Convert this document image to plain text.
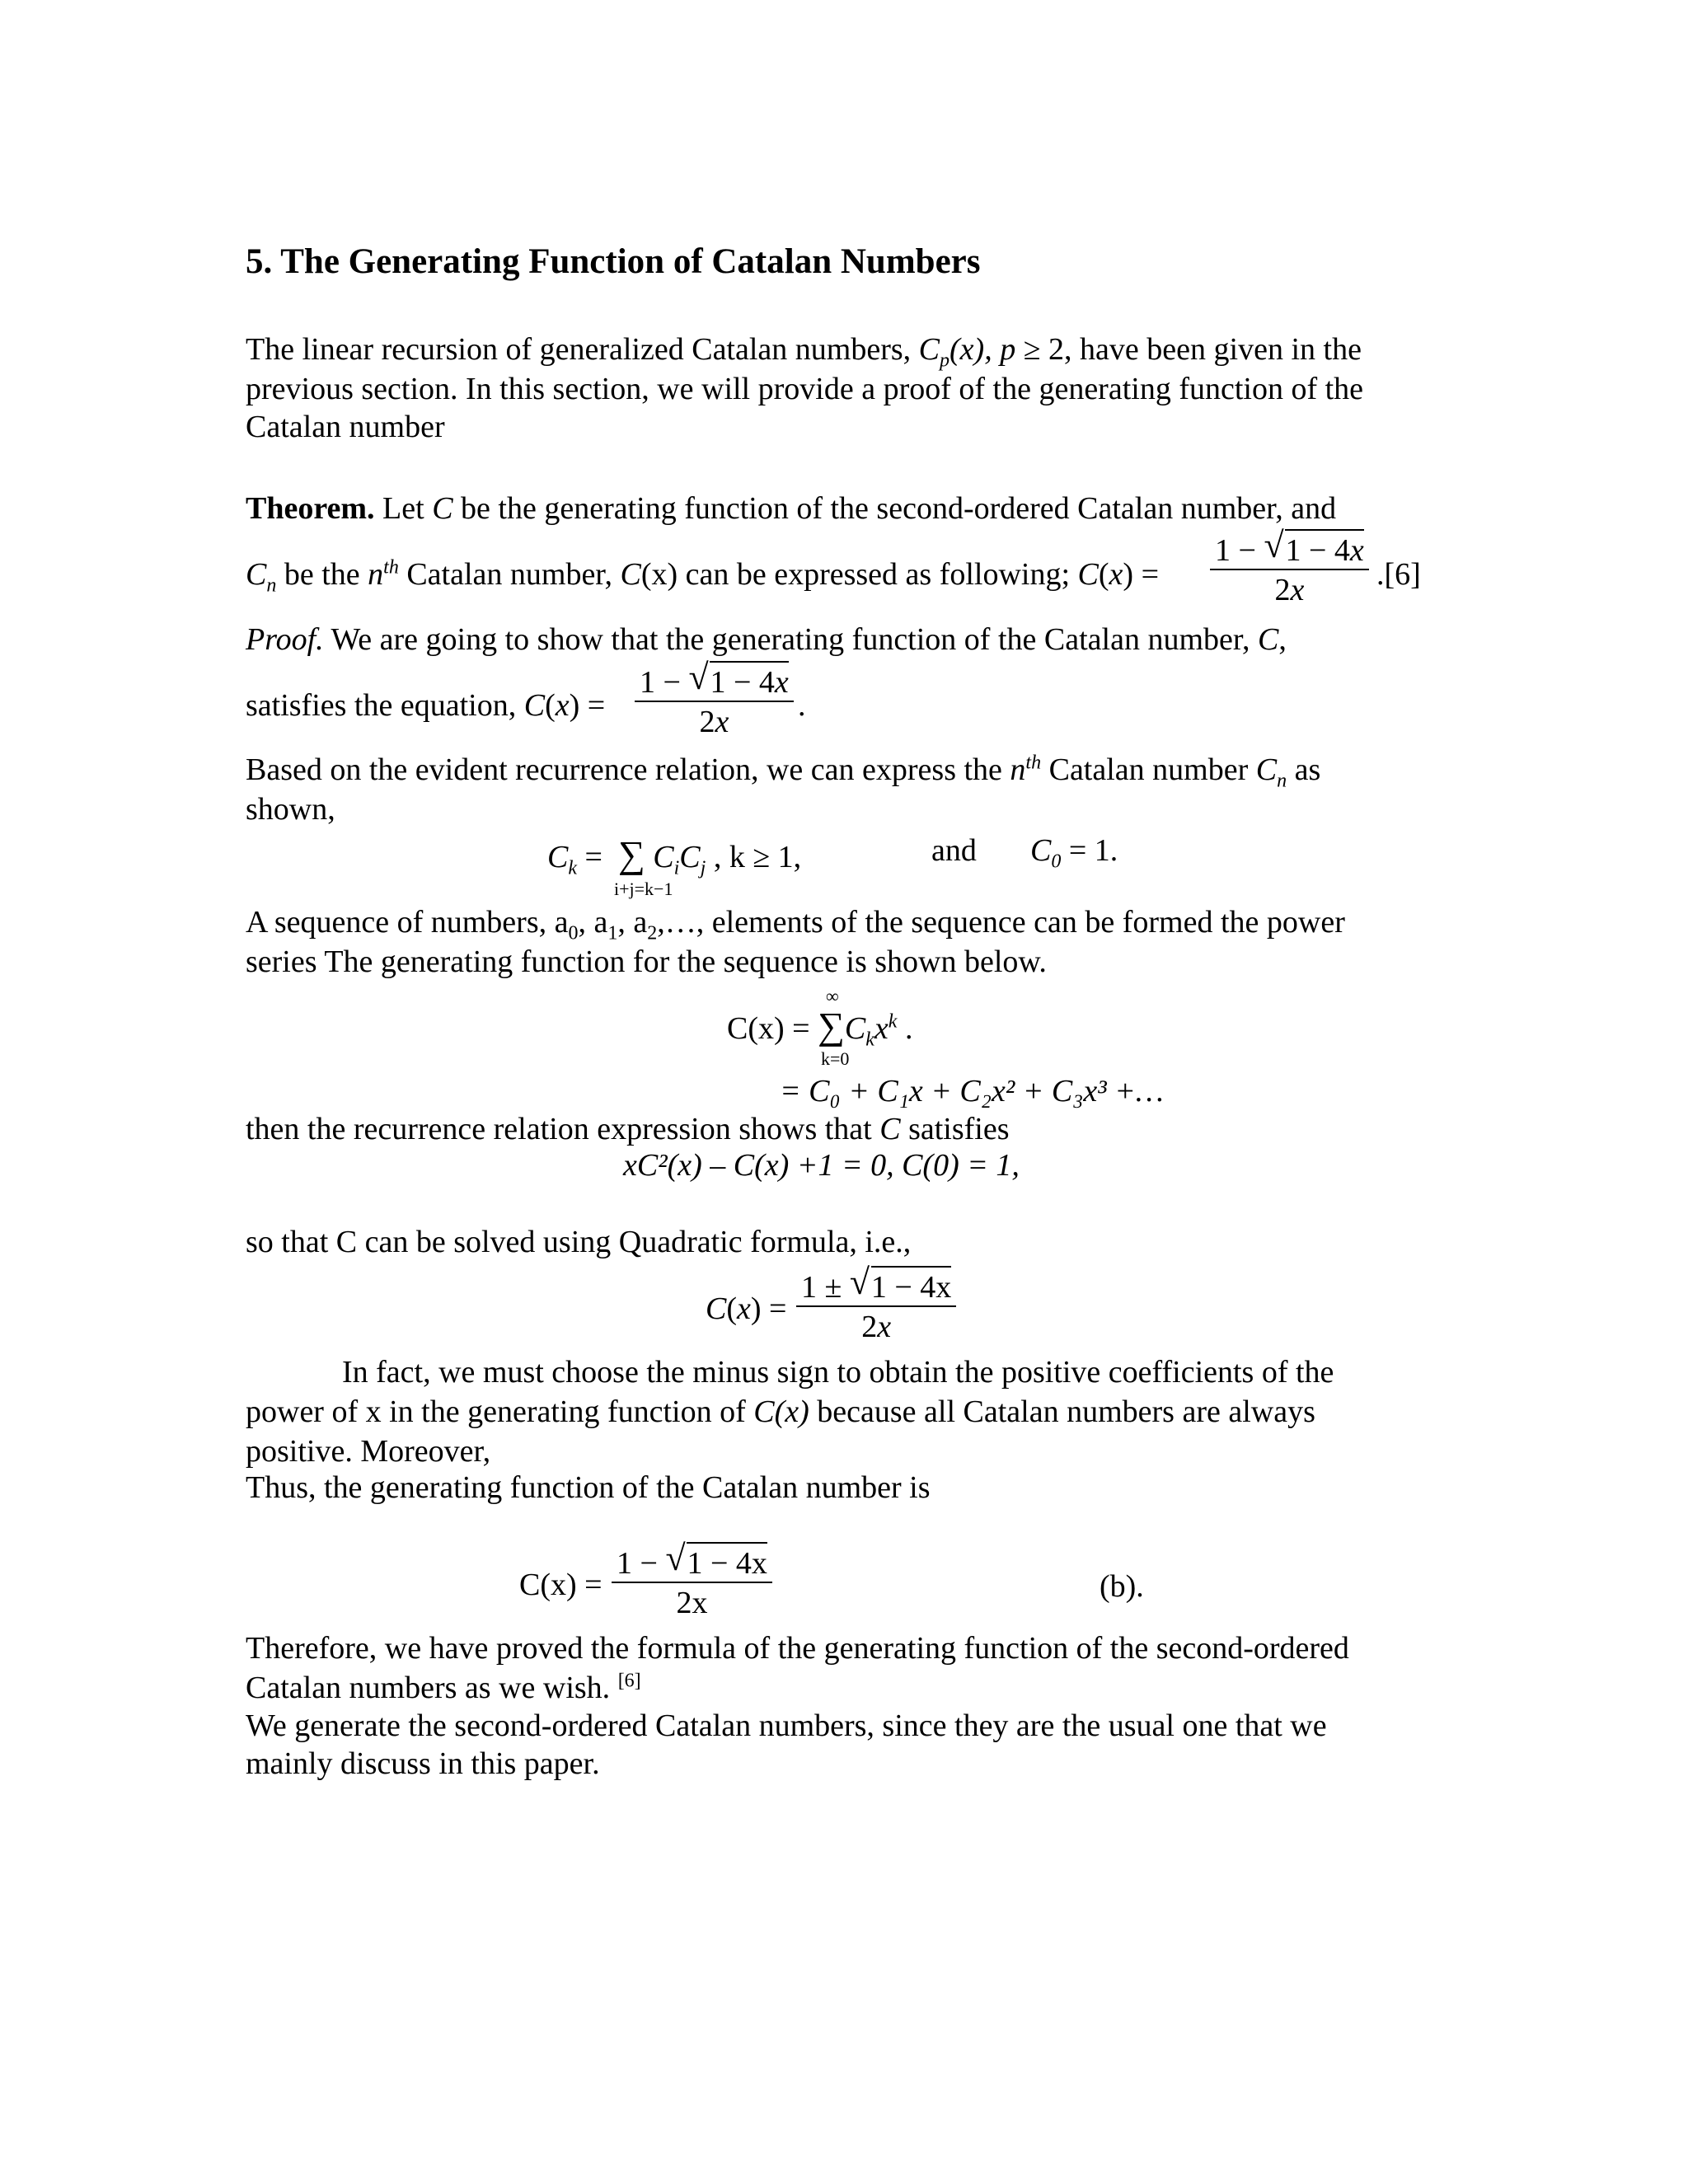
5. The Generating Function of Catalan Numbers
The linear recursion of generalized Catalan numbers, $C_p(x)$, p ≥ 2, have been given in the
previous section. In this section, we will provide a proof of the generating function of the
Catalan number
Theorem. Let C be the generating function of the second-ordered Catalan number, and
$C_n$ be the $n^{th}$ Catalan number, C(x) can be expressed as following; C(x) =
1 − √ 1 − 4x
2x	.[6]
Proof. We are going to show that the generating function of the Catalan number, C,
satisfies the equation, C(x) =
1 − √ 1 − 4x
2x	.
Based on the evident recurrence relation, we can express the $n^{th}$ Catalan number $C_n$ as
shown,
$C_k$ =  ∑ $C_iC_j$ , k ≥ 1,
i+j=k−1
and $C_0 = 1$.
A sequence of numbers, $a_0$, $a_1$, $a_2,\dots$, elements of the sequence can be formed the power
series The generating function for the sequence is shown below.
∞
$C(x) = \sum C_kx^k$ .
k=0
= C₀ + C₁x + C₂x² + C₃x³ +…
then the recurrence relation expression shows that C satisfies
xC²(x) – C(x) +1 = 0, C(0) = 1,
so that C can be solved using Quadratic formula, i.e.,
C(x) =
1 ± √ 1 − 4x
2x
In fact, we must choose the minus sign to obtain the positive coefficients of the
power of x in the generating function of C(x) because all Catalan numbers are always
positive. Moreover,
Thus, the generating function of the Catalan number is
C(x) =
1 − √ 1 − 4x
2x	(b).
Therefore, we have proved the formula of the generating function of the second-ordered
Catalan numbers as we wish. [6]
We generate the second-ordered Catalan numbers, since they are the usual one that we
mainly discuss in this paper.
